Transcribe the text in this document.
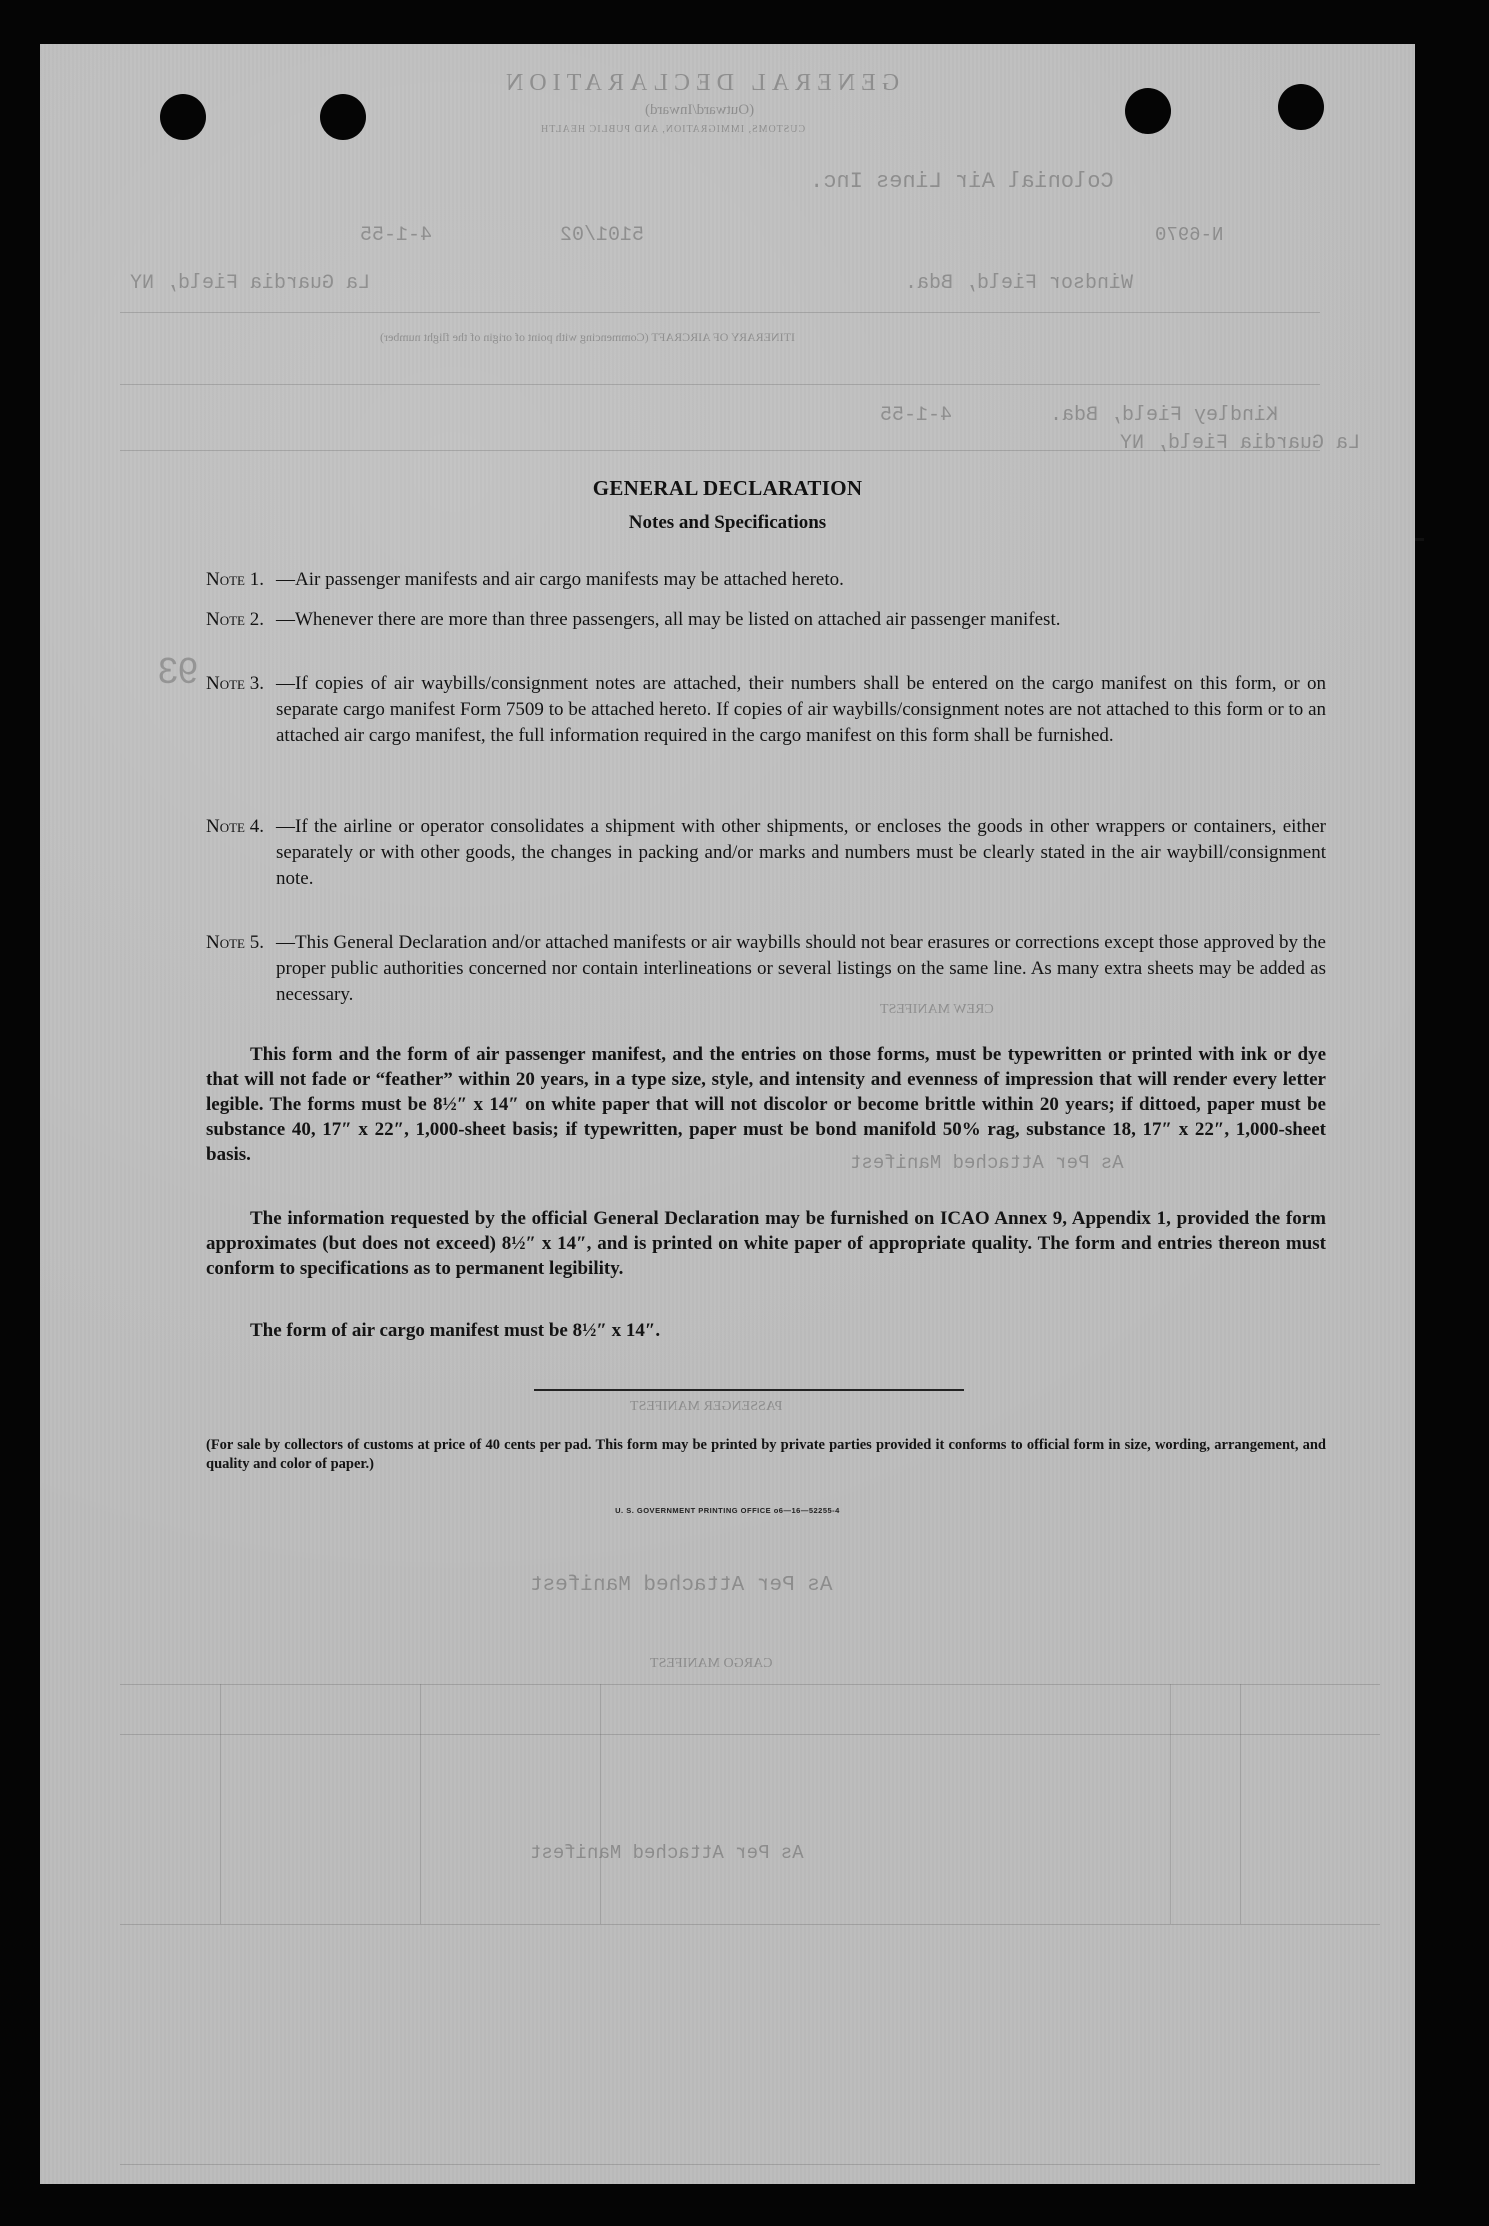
GENERAL DECLARATION
(Outward/Inward)
CUSTOMS, IMMIGRATION, AND PUBLIC HEALTH
Colonial Air Lines Inc.
N-6970
5101/02
4-1-55
Windsor Field, Bda.
La Guardia Field, NY
ITINERARY OF AIRCRAFT (Commencing with point of origin of the flight number)
Kindley Field, Bda.
La Guardia Field, NY
4-1-55
CREW MANIFEST
As Per Attached Manifest
PASSENGER MANIFEST
As Per Attached Manifest
CARGO MANIFEST
As Per Attached Manifest
93
GENERAL DECLARATION
Notes and Specifications
Note 1. —Air passenger manifests and air cargo manifests may be attached hereto.
Note 2. —Whenever there are more than three passengers, all may be listed on attached air passenger manifest.
Note 3. —If copies of air waybills/consignment notes are attached, their numbers shall be entered on the cargo manifest on this form, or on separate cargo manifest Form 7509 to be attached hereto. If copies of air waybills/consignment notes are not attached to this form or to an attached air cargo manifest, the full information required in the cargo manifest on this form shall be furnished.
Note 4. —If the airline or operator consolidates a shipment with other shipments, or encloses the goods in other wrappers or containers, either separately or with other goods, the changes in packing and/or marks and numbers must be clearly stated in the air waybill/consignment note.
Note 5. —This General Declaration and/or attached manifests or air waybills should not bear erasures or corrections except those approved by the proper public authorities concerned nor contain interlineations or several listings on the same line. As many extra sheets may be added as necessary.
This form and the form of air passenger manifest, and the entries on those forms, must be typewritten or printed with ink or dye that will not fade or “feather” within 20 years, in a type size, style, and intensity and evenness of impression that will render every letter legible. The forms must be 8½″ x 14″ on white paper that will not discolor or become brittle within 20 years; if dittoed, paper must be substance 40, 17″ x 22″, 1,000-sheet basis; if typewritten, paper must be bond manifold 50% rag, substance 18, 17″ x 22″, 1,000-sheet basis.
The information requested by the official General Declaration may be furnished on ICAO Annex 9, Appendix 1, provided the form approximates (but does not exceed) 8½″ x 14″, and is printed on white paper of appropriate quality. The form and entries thereon must conform to specifications as to permanent legibility.
The form of air cargo manifest must be 8½″ x 14″.
(For sale by collectors of customs at price of 40 cents per pad. This form may be printed by private parties provided it conforms to official form in size, wording, arrangement, and quality and color of paper.)
U. S. GOVERNMENT PRINTING OFFICE o6—16—52255-4
